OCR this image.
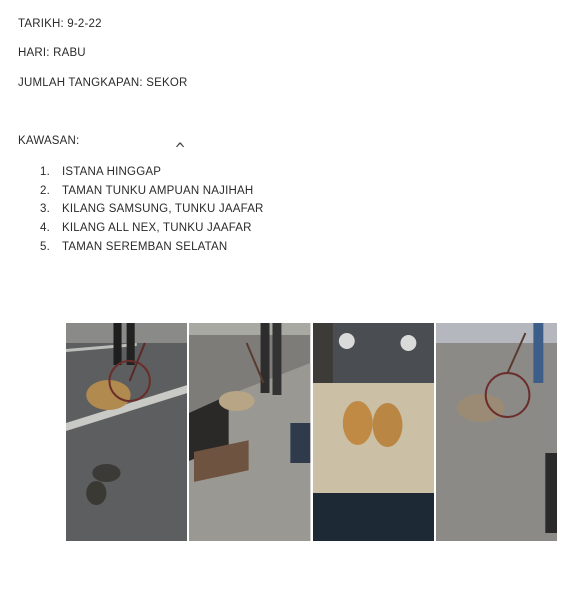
TARIKH: 9-2-22
HARI: RABU
JUMLAH TANGKAPAN: SEKOR
KAWASAN:	^
1. ISTANA HINGGAP
2. TAMAN TUNKU AMPUAN NAJIHAH
3. KILANG SAMSUNG, TUNKU JAAFAR
4. KILANG ALL NEX, TUNKU JAAFAR
5. TAMAN SEREMBAN SELATAN
